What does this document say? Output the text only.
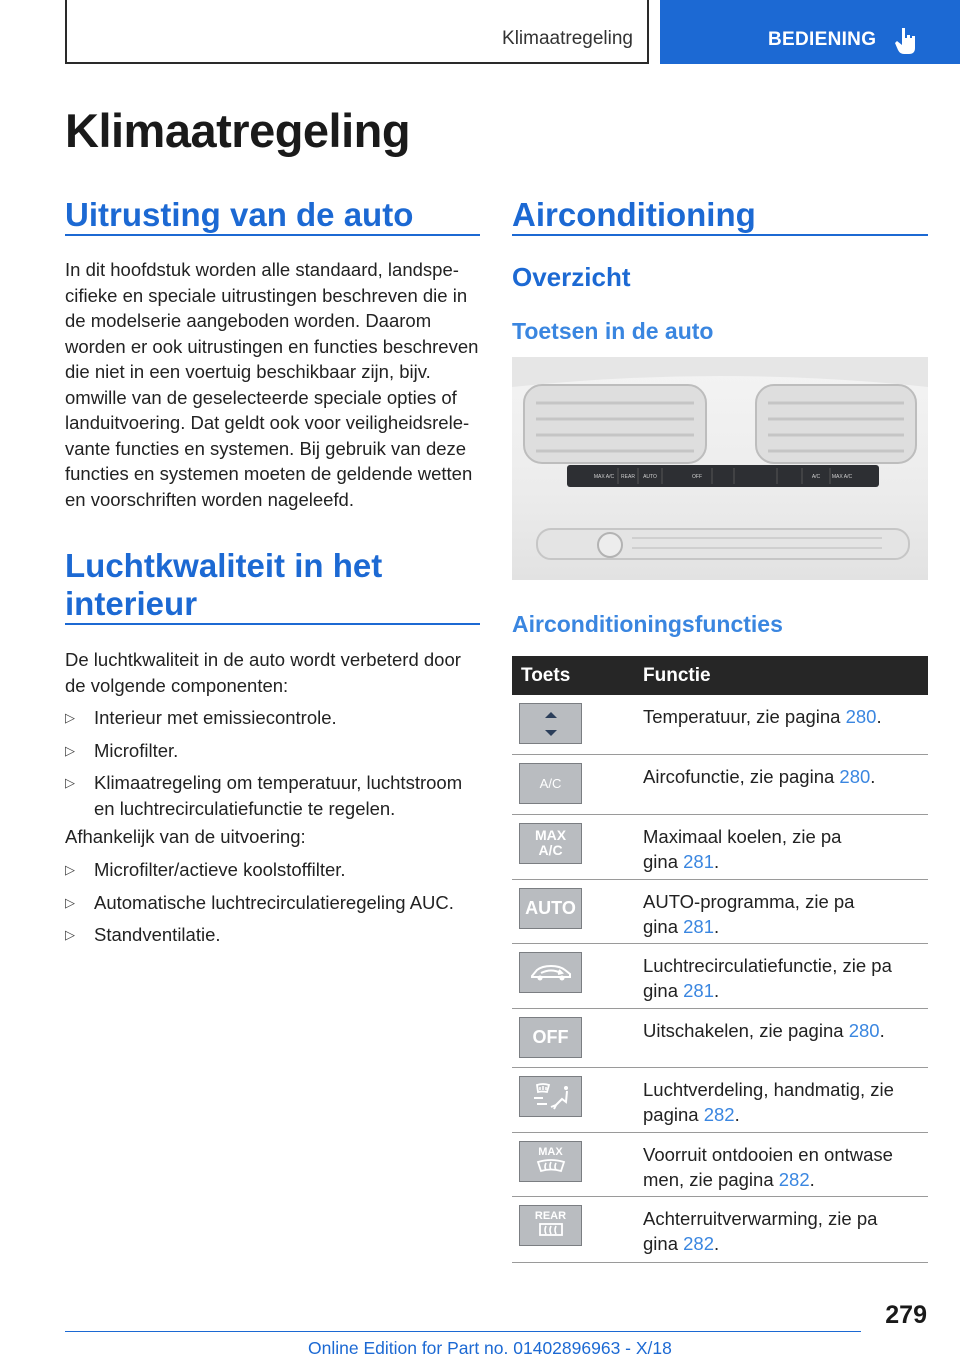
Klimaatregeling	BEDIENING
Klimaatregeling
Uitrusting van de auto
In dit hoofdstuk worden alle standaard, landspecifieke en speciale uitrustingen beschreven die in de modelserie aangeboden worden. Daarom worden er ook uitrustingen en functies beschreven die niet in een voertuig beschikbaar zijn, bijv. omwille van de geselecteerde speciale opties of landuitvoering. Dat geldt ook voor veiligheidsrelevante functies en systemen. Bij gebruik van deze functies en systemen moeten de geldende wetten en voorschriften worden nageleefd.
Luchtkwaliteit in het interieur
De luchtkwaliteit in de auto wordt verbeterd door de volgende componenten:
▷ Interieur met emissiecontrole.
▷ Microfilter.
▷ Klimaatregeling om temperatuur, luchtstroom en luchtrecirculatiefunctie te regelen.
Afhankelijk van de uitvoering:
▷ Microfilter/actieve koolstoffilter.
▷ Automatische luchtrecirculatieregeling AUC.
▷ Standventilatie.
Airconditioning
Overzicht
Toetsen in de auto
MAX A/C REAR AUTO	OFF	A/C MAX A/C
Airconditioningsfuncties
Toets	Functie

	Temperatuur, zie pagina 280.

A/C	Aircofunctie, zie pagina 280.

MAX A/C	Maximaal koelen, zie pa
gina 281.

AUTO	AUTO-programma, zie pa
gina 281.

	Luchtrecirculatiefunctie, zie pa
gina 281.

OFF	Uitschakelen, zie pagina 280.

	Luchtverdeling, handmatig, zie
pagina 282.

MAX	Voorruit ontdooien en ontwase
men, zie pagina 282.

REAR	Achterruitverwarming, zie pa
gina 282.
279
Online Edition for Part no. 01402896963 - X/18
